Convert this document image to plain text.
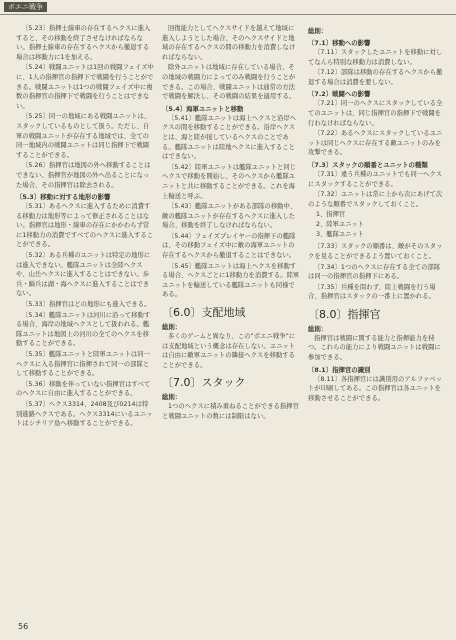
ボエニ戦争
〔5.23〕指揮士線車の存在するヘクスに進入すると、その移動を終了させなければならない。指揮士線車の存在するヘクスから撤退する場合は移動力に1を加える。
〔5.24〕戦闘ユニットは1回の戦闘フェイズ中に、1人の指揮官の指揮下で戦闘を行うことができる。戦闘ユニットは1つの戦闘フェイズ中に複数の指揮官の指揮下で戦闘を行うことはできない。
〔5.25〕同一の地域にある戦闘ユニットは、スタックしているものとして扱う。ただし、自軍の戦闘ユニットが存在する地域では、全ての同一地域内の戦闘ユニットは同じ指揮下で戦闘することができる。
〔5.26〕指揮官は地図の外へ移動することはできない。指揮官が地図の外へ出ることになった場合、その指揮官は除去される。
〔5.3〕移動に対する地形の影響
〔5.31〕あるヘクスに進入するために消費する移動力は地形等によって修正されることはない。指揮官は地形・線車の存在にかかわらず常に1移動力の消費ですべてのヘクスに進入することができる。
〔5.32〕ある兵種のユニットは特定の地形には進入できない。艦隊ユニットは全陸ヘクスや、山岳ヘクスに進入することはできない。歩兵・騎兵は湖・海ヘクスに進入することはできない。
〔5.33〕指揮官はどの地形にも進入できる。
〔5.34〕艦隊ユニットは河川に沿って移動する場合、海岸の地域ヘクスとして扱われる。艦隊ユニットは地図上の河川の全てのヘクスを移動することができる。
〔5.35〕艦隊ユニットと陸軍ユニットは同一ヘクスに入る指揮官に指揮されて同一の部隊として移動することができる。
〔5.36〕移動を伴っていない指揮官はすべてのヘクスに自由に進入することができる。
〔5.37〕ヘクス3314、2408及び0214は特別進路ヘクスである。ヘクス3314にいるユニットはシチリア島へ移動することができる。
回復能力としてヘクスサイドを越えて地域に進入しようとした場合、そのヘクスサイドと地域の存在するヘクスの間の移動力を消費しなければならない。
除外ユニットは地域に存在している場合、その地域の戦闘力によってのみ戦闘を行うことができる。この場合、戦闘ユニットは通常の方法で戦闘を解決し、その戦闘の結果を適用する。
〔5.4〕海軍ユニットと移動
〔5.41〕艦隊ユニットは海上ヘクスと沿岸ヘクスの間を移動することができる。沿岸ヘクスとは、海と陸が接しているヘクスのことである。艦隊ユニットは陸地ヘクスに進入することはできない。
〔5.42〕陸軍ユニットは艦隊ユニットと同じヘクスで移動を開始し、そのヘクスから艦隊ユニットと共に移動することができる。これを海上輸送と呼ぶ。
〔5.43〕艦隊ユニットがある部隊の移動中、敵の艦隊ユニットが存在するヘクスに進入した場合、移動を終了しなければならない。
〔5.44〕フェイズプレイヤーの指揮下の艦隊は、その移動フェイズ中に敵の海軍ユニットの存在するヘクスから撤退することはできない。
〔5.45〕艦隊ユニットは海上ヘクスを移動する場合、ヘクスごとに1移動力を消費する。陸軍ユニットを輸送している艦隊ユニットも同様である。
〔6.0〕支配地域
総則：
多くのゲームと異なり、この“ボエニ戦争”には支配地域という概念は存在しない。ユニットは自由に敵軍ユニットの隣接ヘクスを移動することができる。
〔7.0〕スタック
総則：
1つのヘクスに積み重ねることができる指揮官と戦闘ユニットの数には制限はない。
総則：
〔7.1〕移動への影響
〔7.11〕スタックしたユニットを移動に対してなんら特別な移動力は消費しない。
〔7.12〕部隊は移動の存在するヘクスから撤退する場合は消費を要しない。
〔7.2〕戦闘への影響
〔7.21〕同一のヘクスにスタックしている全てのユニットは、同じ指揮官の指揮下で戦闘を行わなければならない。
〔7.22〕あるヘクスにスタックしているユニットは同じヘクスに存在する敵ユニットのみを攻撃できる。
〔7.3〕スタックの順番とユニットの種類
〔7.31〕違う兵種のユニットでも同一ヘクスにスタックすることができる。
〔7.32〕ユニットは常に上から次にあげて次のような順番でスタックしておくこと。
1、指揮官
2、陸軍ユニット
3、艦隊ユニット
〔7.33〕スタックの順番は、敵がそのスタックを見ることができるよう置いておくこと。
〔7.34〕1つのヘクスに存在する全ての部隊は同一の指揮官の指揮下にある。
〔7.35〕兵種を問わず、陸上戦闘を行う場合、指揮官はスタックの一番上に置かれる。
〔8.0〕指揮官
総則：
指揮官は戦闘に関する能力と指揮能力を持つ。これらの能力により戦闘ユニットは戦闘に参加できる。
〔8.1〕指揮官の識別
〔8.11〕各指揮官には識別用のアルファベットが印刷してある。この指揮官は各ユニットを移動させることができる。
56
